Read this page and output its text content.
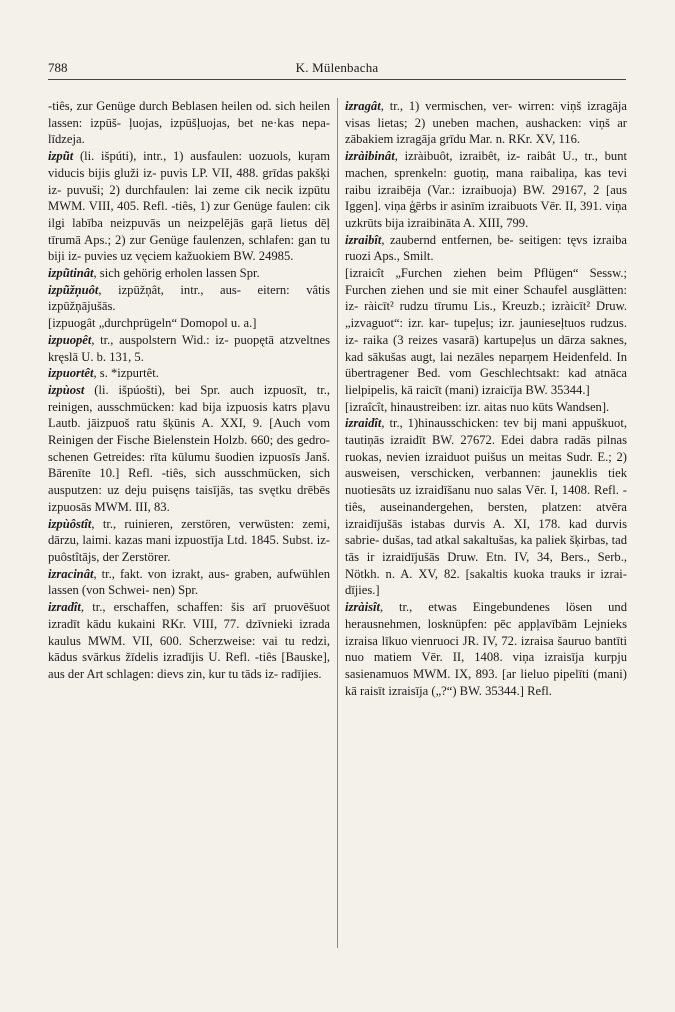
K. Mülenbacha
788

-tiês, zur Genüge durch Beblasen heilen od. sich heilen lassen: izpūš- ļuojas, izpūšļuojas, bet ne·kas nepa- līdzeja.

izpũt (li. išpúti), intr., 1) ausfaulen: uozuols, kuŗam viducis bijis gluži iz- puvis LP. VII, 488. grīdas pakšķi iz- puvuši; 2) durchfaulen: lai zeme cik necik izpūtu MWM. VIII, 405. Refl. -tiês, 1) zur Genüge faulen: cik ilgi labība neizpuvās un neizpelējās gaŗā lietus dēļ tīrumā Aps.; 2) zur Genüge faulenzen, schlafen: gan tu biji iz- puvies uz vęciem kažuokiem BW. 24985.

izpũtinât, sich gehörig erholen lassen Spr.

izpũžņuôt, izpūžņât, intr., aus- eitern: vâtis izpūžņājušās.

[izpuogât „durchprügeln“ Domopol u. a.]

izpuopêt, tr., auspolstern Wid.: iz- puopętā atzveltnes kręslā U. b. 131, 5.

izpuortêt, s. *izpurtêt.

izpùost (li. išpúošti), bei Spr. auch izpuosīt, tr., reinigen, ausschmücken: kad bija izpuosis katrs pļavu Lautb. jāizpuoš ratu šķūnis A. XXI, 9. [Auch vom Reinigen der Fische Bielenstein Holzb. 660; des gedro- schenen Getreides: rīta kūlumu šuodien izpuosīs Janš. Bārenīte 10.] Refl. -tiês, sich ausschmücken, sich ausputzen: uz deju puisęns taisījās, tas svętku drēbēs izpuosās MWM. III, 83.

izpùôstît, tr., ruinieren, zerstören, verwüsten: zemi, dārzu, laimi. kazas mani izpuostīja Ltd. 1845. Subst. iz- puôstîtājs, der Zerstörer.

izracinât, tr., fakt. von izrakt, aus- graben, aufwühlen lassen (von Schwei- nen) Spr.

izradît, tr., erschaffen, schaffen: šis arī pruovēšuot izradīt kādu kukaini RKr. VIII, 77. dzīvnieki izrada kaulus MWM. VII, 600. Scherzweise: vai tu redzi, kādus svārkus žīdelis izradījis U. Refl. -tiês [Bauske], aus der Art schlagen: dievs zin, kur tu tāds iz- radījies.

izragât, tr., 1) vermischen, ver- wirren: viņš izragāja visas lietas; 2) uneben machen, aushacken: viņš ar zābakiem izragāja grīdu Mar. n. RKr. XV, 116.

izràibinât, izràibuôt, izraibêt, iz- raibât U., tr., bunt machen, sprenkeln: guotiņ, mana raibaliņa, kas tevi raibu izraibēja (Var.: izraibuoja) BW. 29167, 2 [aus Iggen]. viņa ģ̧ērbs ir asinīm izraibuots Vēr. II, 391. viņa uzkrūts bija izraibināta A. XIII, 799.

izraibît, zaubernd entfernen, be- seitigen: tęvs izraiba ruozi Aps., Smilt.

[izraicît „Furchen ziehen beim Pflügen“ Sessw.; Furchen ziehen und sie mit einer Schaufel ausglätten: iz- ràicīt² rudzu tīrumu Lis., Kreuzb.; izràicīt² Druw. „izvaguot“: izr. kar- tupeļus; izr. jaunieseļtuos rudzus. iz- raika (3 reizes vasarā) kartupeļus un dārza saknes, kad sākušas augt, lai nezāles neparņem Heidenfeld. In übertragener Bed. vom Geschlechtsakt: kad atnāca lielpipelis, kā raicīt (mani) izraicīja BW. 35344.]

[izraîcît, hinaustreiben: izr. aitas nuo kūts Wandsen].

izraidît, tr., 1)hinausschicken: tev bij mani appuškuot, tautiņās izraidīt BW. 27672. Edei dabra radās pilnas ruokas, nevien izraiduot puišus un meitas Sudr. E.; 2) ausweisen, verschicken, verbannen: jauneklis tiek nuotiesāts uz izraidīšanu nuo salas Vēr. I, 1408. Refl. -tiês, auseinandergehen, bersten, platzen: atvēra izraidījušās istabas durvis A. XI, 178. kad durvis sabrie- dušas, tad atkal sakaltušas, ka paliek šķirbas, tad tās ir izraidījušās Druw. Etn. IV, 34, Bers., Serb., Nötkh. n. A. XV, 82. [sakaltis kuoka trauks ir izrai- dījies.]

izràisît, tr., etwas Eingebundenes lösen und herausnehmen, losknüpfen: pēc appļavībām Lejnieks izraisa līkuo vienruoci JR. IV, 72. izraisa šauruo bantīti nuo matiem Vēr. II, 1408. viņa izraisīja kurpju sasienamuos MWM. IX, 893. [ar lieluo pipelīti (mani) kā raisīt izraisīja („?“) BW. 35344.] Refl.
